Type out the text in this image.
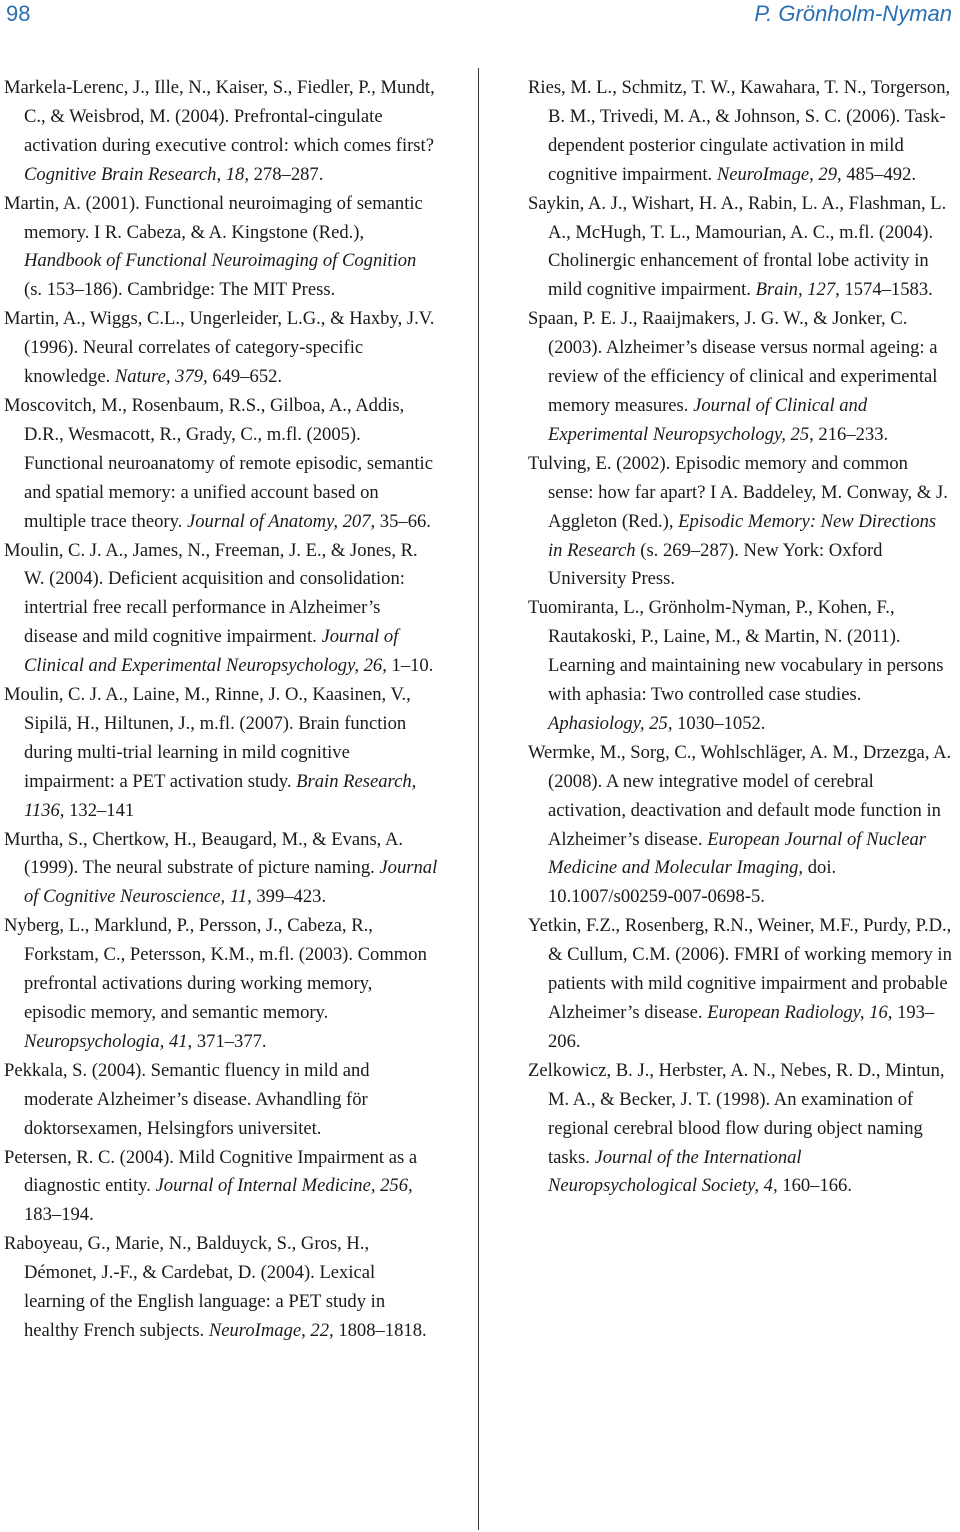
98	P. Grönholm-Nyman

Markela-Lerenc, J., Ille, N., Kaiser, S., Fiedler, P., Mundt, C., & Weisbrod, M. (2004). Prefrontal-cingulate activation during executive control: which comes first? Cognitive Brain Research, 18, 278–287.

Martin, A. (2001). Functional neuroimaging of semantic memory. I R. Cabeza, & A. Kingstone (Red.), Handbook of Functional Neuroimaging of Cognition (s. 153–186). Cambridge: The MIT Press.

Martin, A., Wiggs, C.L., Ungerleider, L.G., & Haxby, J.V. (1996). Neural correlates of category-specific knowledge. Nature, 379, 649–652.

Moscovitch, M., Rosenbaum, R.S., Gilboa, A., Addis, D.R., Wesmacott, R., Grady, C., m.fl. (2005). Functional neuroanatomy of remote episodic, semantic and spatial memory: a unified account based on multiple trace theory. Journal of Anatomy, 207, 35–66.

Moulin, C. J. A., James, N., Freeman, J. E., & Jones, R. W. (2004). Deficient acquisition and consolidation: intertrial free recall performance in Alzheimer’s disease and mild cognitive impairment. Journal of Clinical and Experimental Neuropsychology, 26, 1–10.

Moulin, C. J. A., Laine, M., Rinne, J. O., Kaasinen, V., Sipilä, H., Hiltunen, J., m.fl. (2007). Brain function during multi-trial learning in mild cognitive impairment: a PET activation study. Brain Research, 1136, 132–141

Murtha, S., Chertkow, H., Beaugard, M., & Evans, A. (1999). The neural substrate of picture naming. Journal of Cognitive Neuroscience, 11, 399–423.

Nyberg, L., Marklund, P., Persson, J., Cabeza, R., Forkstam, C., Petersson, K.M., m.fl. (2003). Common prefrontal activations during working memory, episodic memory, and semantic memory. Neuropsychologia, 41, 371–377.

Pekkala, S. (2004). Semantic fluency in mild and moderate Alzheimer’s disease. Avhandling för doktorsexamen, Helsingfors universitet.

Petersen, R. C. (2004). Mild Cognitive Impairment as a diagnostic entity. Journal of Internal Medicine, 256, 183–194.

Raboyeau, G., Marie, N., Balduyck, S., Gros, H., Démonet, J.-F., & Cardebat, D. (2004). Lexical learning of the English language: a PET study in healthy French subjects. NeuroImage, 22, 1808–1818.

Ries, M. L., Schmitz, T. W., Kawahara, T. N., Torgerson, B. M., Trivedi, M. A., & Johnson, S. C. (2006). Task-dependent posterior cingulate activation in mild cognitive impairment. NeuroImage, 29, 485–492.

Saykin, A. J., Wishart, H. A., Rabin, L. A., Flashman, L. A., McHugh, T. L., Mamourian, A. C., m.fl. (2004). Cholinergic enhancement of frontal lobe activity in mild cognitive impairment. Brain, 127, 1574–1583.

Spaan, P. E. J., Raaijmakers, J. G. W., & Jonker, C. (2003). Alzheimer’s disease versus normal ageing: a review of the efficiency of clinical and experimental memory measures. Journal of Clinical and Experimental Neuropsychology, 25, 216–233.

Tulving, E. (2002). Episodic memory and common sense: how far apart? I A. Baddeley, M. Conway, & J. Aggleton (Red.), Episodic Memory: New Directions in Research (s. 269–287). New York: Oxford University Press.

Tuomiranta, L., Grönholm-Nyman, P., Kohen, F., Rautakoski, P., Laine, M., & Martin, N. (2011). Learning and maintaining new vocabulary in persons with aphasia: Two controlled case studies. Aphasiology, 25, 1030–1052.

Wermke, M., Sorg, C., Wohlschläger, A. M., Drzezga, A. (2008). A new integrative model of cerebral activation, deactivation and default mode function in Alzheimer’s disease. European Journal of Nuclear Medicine and Molecular Imaging, doi. 10.1007/s00259-007-0698-5.

Yetkin, F.Z., Rosenberg, R.N., Weiner, M.F., Purdy, P.D., & Cullum, C.M. (2006). FMRI of working memory in patients with mild cognitive impairment and probable Alzheimer’s disease. European Radiology, 16, 193–206.

Zelkowicz, B. J., Herbster, A. N., Nebes, R. D., Mintun, M. A., & Becker, J. T. (1998). An examination of regional cerebral blood flow during object naming tasks. Journal of the International Neuropsychological Society, 4, 160–166.
